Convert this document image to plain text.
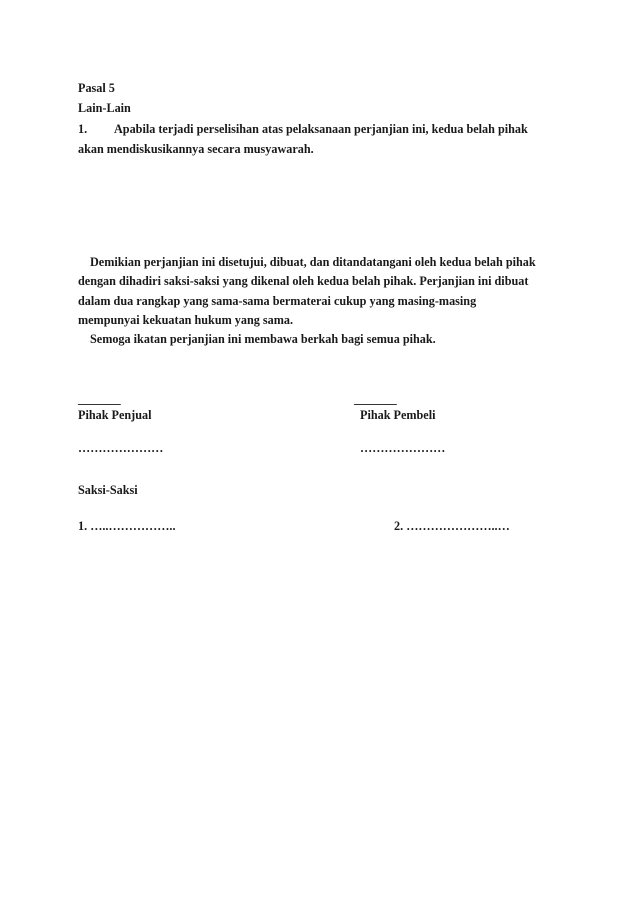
Pasal 5
Lain-Lain
1. Apabila terjadi perselisihan atas pelaksanaan perjanjian ini, kedua belah pihak
akan mendiskusikannya secara musyawarah.
Demikian perjanjian ini disetujui, dibuat, dan ditandatangani oleh kedua belah pihak
dengan dihadiri saksi-saksi yang dikenal oleh kedua belah pihak. Perjanjian ini dibuat
dalam dua rangkap yang sama-sama bermaterai cukup yang masing-masing
mempunyai kekuatan hukum yang sama.
Semoga ikatan perjanjian ini membawa berkah bagi semua pihak.
_______
Pihak Penjual
…………………
_______
Pihak Pembeli
…………………
Saksi-Saksi
1. …..……………..	2. …………………..…
